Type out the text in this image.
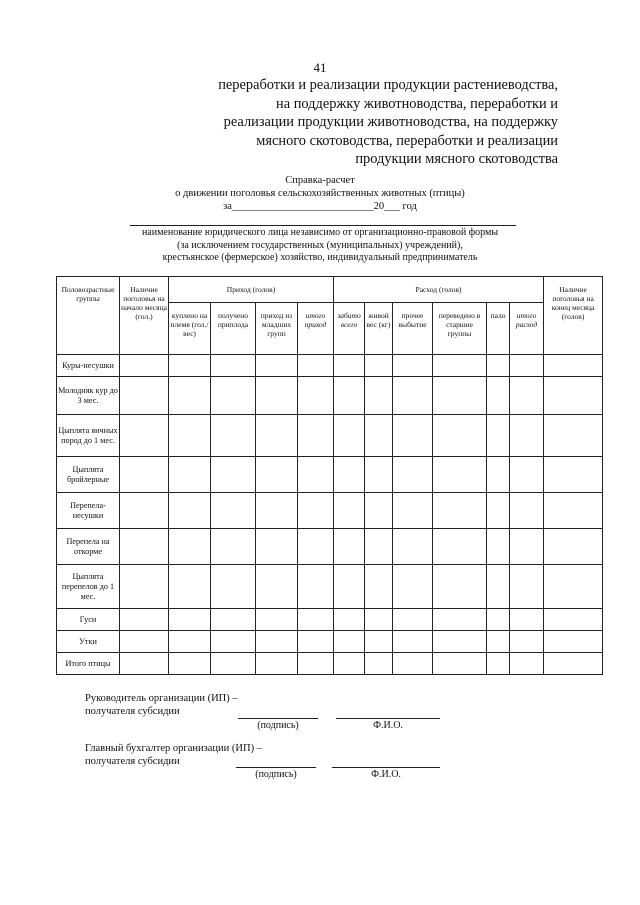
41
переработки и реализации продукции растениеводства,
на поддержку животноводства, переработки и
реализации продукции животноводства, на поддержку
мясного скотоводства, переработки и реализации
продукции мясного скотоводства
Справка-расчет
о движении поголовья сельскохозяйственных животных (птицы)
за___________________________20___ год
наименование юридического лица независимо от организационно-правовой формы
(за исключением государственных (муниципальных) учреждений),
крестьянское (фермерское) хозяйство, индивидуальный предприниматель
Половозрастные группы	Наличие поголовья на начало месяца (гол.)	Приход (голов)				Расход (голов)						Наличие поголовья на конец месяца (голов)
		куплено на племя (гол./вес)	получено приплода	приход из младших групп	итого приход	забито всего	живой вес (кг)	прочее выбытие	переведено в старшие группы	пало	итого расход	
Куры-несушки												
Молодняк кур до 3 мес.												
Цыплята яичных пород до 1 мес.												
Цыплята бройлерные												
Перепела-несушки												
Перепела на откорме												
Цыплята перепелов до 1 мес.												
Гуси												
Утки												
Итого птицы												
Руководитель организации (ИП) –
получателя субсидии
(подпись)	Ф.И.О.
Главный бухгалтер организации (ИП) –
получателя субсидии
(подпись)	Ф.И.О.
